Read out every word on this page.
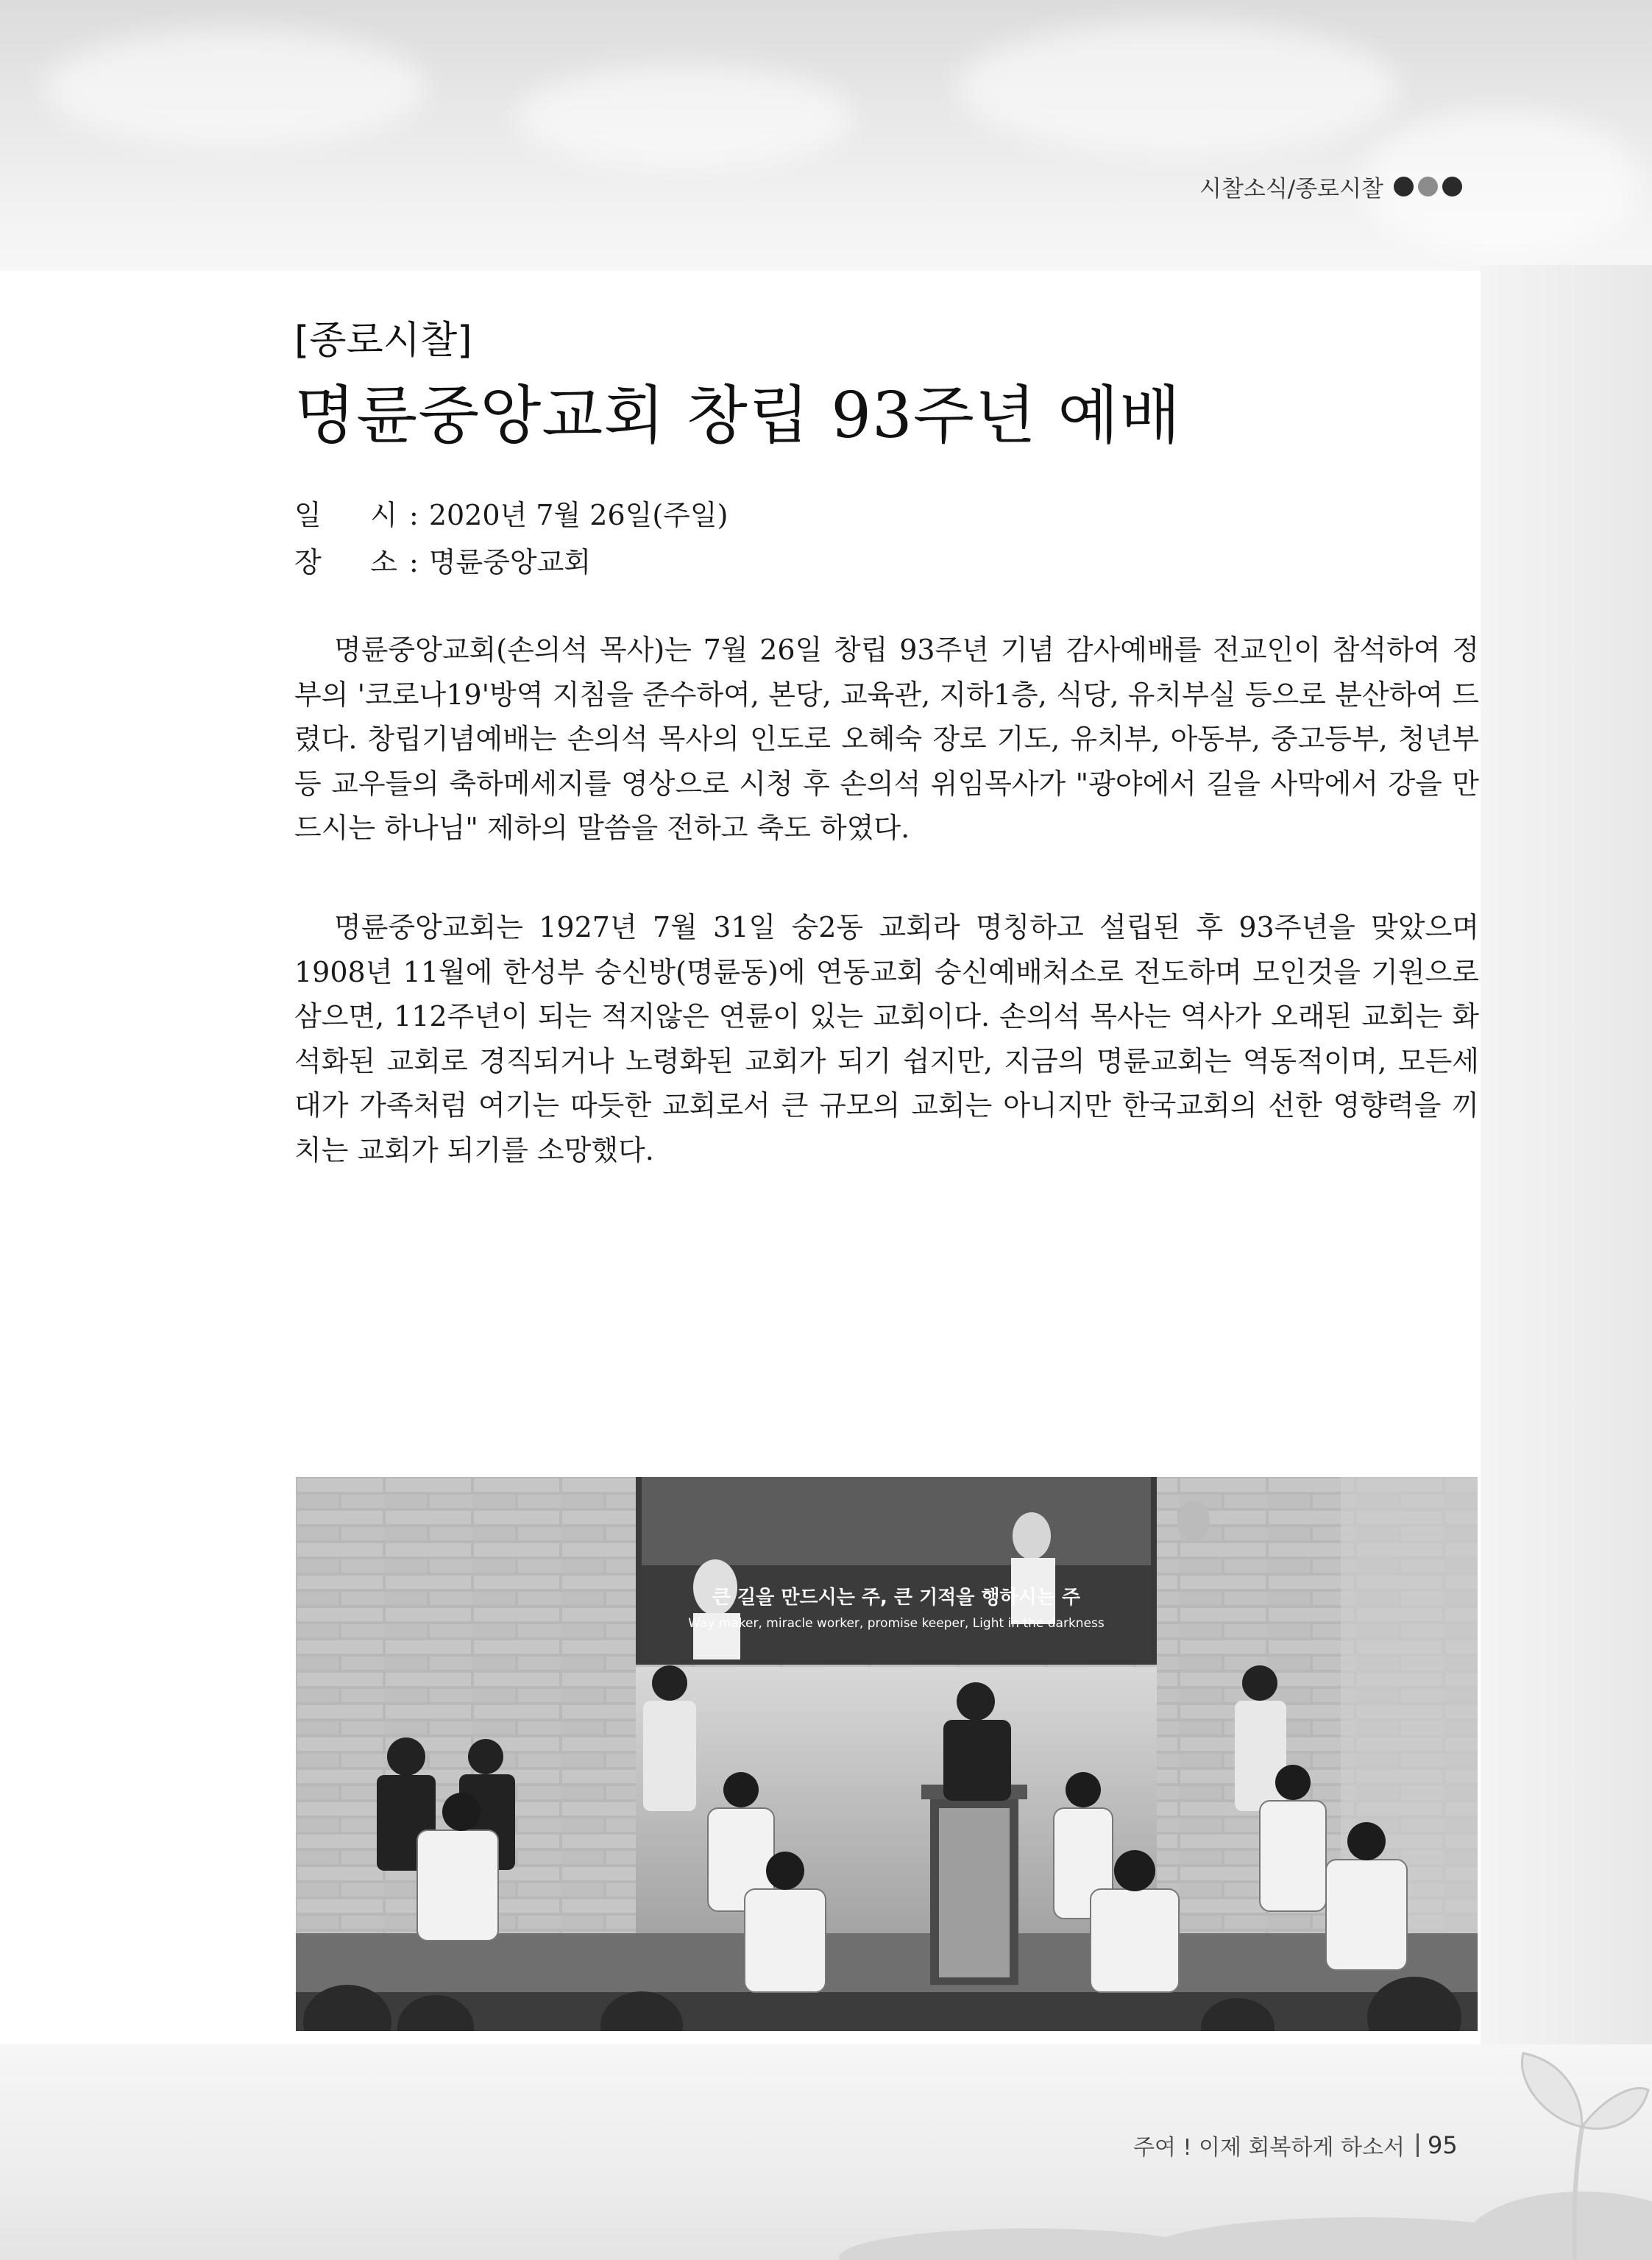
시찰소식/종로시찰
[종로시찰]
명륜중앙교회 창립 93주년 예배
일 시 : 2020년 7월 26일(주일)
장 소 : 명륜중앙교회

명륜중앙교회(손의석 목사)는 7월 26일 창립 93주년 기념 감사예배를 전교인이 참석하여 정부의 '코로나19'방역 지침을 준수하여, 본당, 교육관, 지하1층, 식당, 유치부실 등으로 분산하여 드렸다. 창립기념예배는 손의석 목사의 인도로 오혜숙 장로 기도, 유치부, 아동부, 중고등부, 청년부등 교우들의 축하메세지를 영상으로 시청 후 손의석 위임목사가 "광야에서 길을 사막에서 강을 만드시는 하나님" 제하의 말씀을 전하고 축도 하였다.

명륜중앙교회는 1927년 7월 31일 숭2동 교회라 명칭하고 설립된 후 93주년을 맞았으며 1908년 11월에 한성부 숭신방(명륜동)에 연동교회 숭신예배처소로 전도하며 모인것을 기원으로 삼으면, 112주년이 되는 적지않은 연륜이 있는 교회이다. 손의석 목사는 역사가 오래된 교회는 화석화된 교회로 경직되거나 노령화된 교회가 되기 쉽지만, 지금의 명륜교회는 역동적이며, 모든세대가 가족처럼 여기는 따듯한 교회로서 큰 규모의 교회는 아니지만 한국교회의 선한 영향력을 끼치는 교회가 되기를 소망했다.

큰 길을 만드시는 주, 큰 기적을 행하시는 주
Way maker, miracle worker, promise keeper, Light in the darkness
주여 ! 이제 회복하게 하소서 95
